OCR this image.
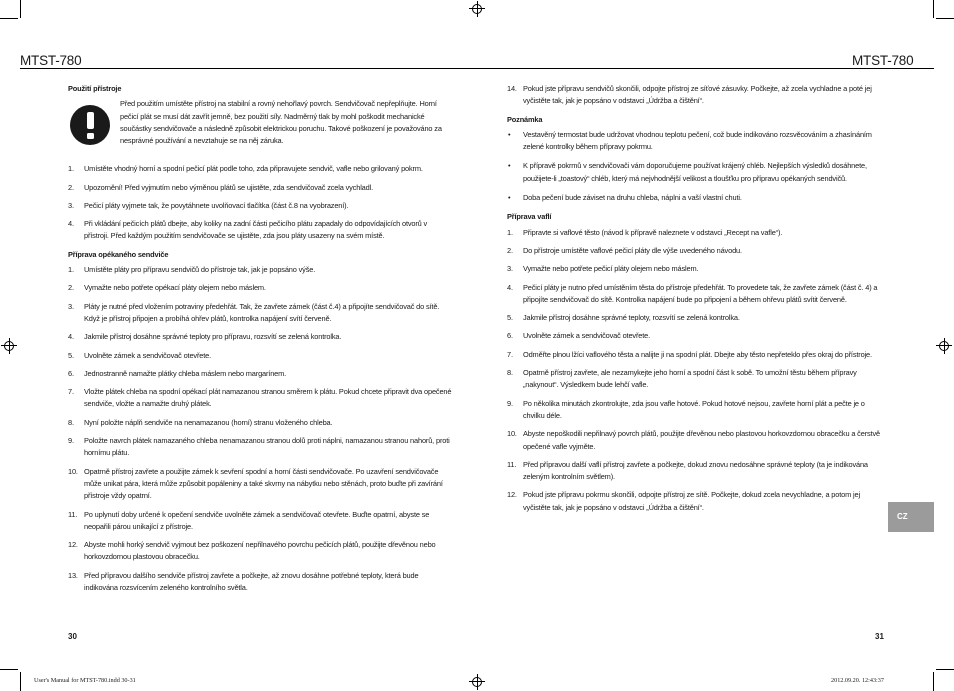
MTST-780
Použití přístroje
Před použitím umístěte přístroj na stabilní a rovný nehořlavý povrch. Sendvičovač nepřeplňujte. Horní pečicí plát se musí dát zavřít jemně, bez použití síly. Nadměrný tlak by mohl poškodit mechanické součástky sendvičovače a následně způsobit elektrickou poruchu. Takové poškození je považováno za nesprávné používání a nevztahuje se na něj záruka.
1. Umístěte vhodný horní a spodní pečicí plát podle toho, zda připravujete sendvič, vafle nebo grilovaný pokrm.
2. Upozornění! Před vyjmutím nebo výměnou plátů se ujistěte, zda sendvičovač zcela vychladl.
3. Pečicí pláty vyjmete tak, že povytáhnete uvolňovací tlačítka (část č.8 na vyobrazení).
4. Při vkládání pečicích plátů dbejte, aby koliky na zadní části pečicího plátu zapadaly do odpovídajících otvorů v přístroji. Před každým použitím sendvičovače se ujistěte, zda jsou pláty usazeny na svém místě.
Příprava opékaného sendviče
1. Umístěte pláty pro přípravu sendvičů do přístroje tak, jak je popsáno výše.
2. Vymažte nebo potřete opékací pláty olejem nebo máslem.
3. Pláty je nutné před vložením potraviny předehřát. Tak, že zavřete zámek (část č.4) a připojíte sendvičovač do sítě. Když je přístroj připojen a probíhá ohřev plátů, kontrolka napájení svítí červeně.
4. Jakmile přístroj dosáhne správné teploty pro přípravu, rozsvítí se zelená kontrolka.
5. Uvolněte zámek a sendvičovač otevřete.
6. Jednostranně namažte plátky chleba máslem nebo margarínem.
7. Vložte plátek chleba na spodní opékací plát namazanou stranou směrem k plátu. Pokud chcete připravit dva opečené sendviče, vložte a namažte druhý plátek.
8. Nyní položte náplň sendviče na nenamazanou (horní) stranu vloženého chleba.
9. Položte navrch plátek namazaného chleba nenamazanou stranou dolů proti náplni, namazanou stranou nahorů, proti hornímu plátu.
10. Opatrně přístroj zavřete a použijte zámek k sevření spodní a horní části sendvičovače. Po uzavření sendvičovače může unikat pára, která může způsobit popáleniny a také skvrny na nábytku nebo stěnách, proto buďte při zavírání přístroje vždy opatrní.
11. Po uplynutí doby určené k opečení sendviče uvolněte zámek a sendvičovač otevřete. Buďte opatrní, abyste se neopařili párou unikající z přístroje.
12. Abyste mohli horký sendvič vyjmout bez poškození nepřilnavého povrchu pečicích plátů, použijte dřevěnou nebo horkovzdornou plastovou obracečku.
13. Před přípravou dalšího sendviče přístroj zavřete a počkejte, až znovu dosáhne potřebné teploty, která bude indikována rozsvícením zeleného kontrolního světla.
30
MTST-780
14. Pokud jste přípravu sendvičů skončili, odpojte přístroj ze síťové zásuvky. Počkejte, až zcela vychladne a poté jej vyčistěte tak, jak je popsáno v odstavci „Údržba a čištění“.
Poznámka
• Vestavěný termostat bude udržovat vhodnou teplotu pečení, což bude indikováno rozsvěcováním a zhasínáním zelené kontrolky během přípravy pokrmu.
• K přípravě pokrmů v sendvičovači vám doporučujeme používat krájený chléb. Nejlepších výsledků dosáhnete, použijete-li „toastový“ chléb, který má nejvhodnější velikost a tloušťku pro přípravu opékaných sendvičů.
• Doba pečení bude záviset na druhu chleba, náplni a vaší vlastní chuti.
Příprava vaflí
1. Připravte si vaflové těsto (návod k přípravě naleznete v odstavci „Recept na vafle“).
2. Do přístroje umístěte vaflové pečicí pláty dle výše uvedeného návodu.
3. Vymažte nebo potřete pečicí pláty olejem nebo máslem.
4. Pečicí pláty je nutno před umístěním těsta do přístroje předehřát. To provedete tak, že zavřete zámek (část č. 4) a připojíte sendvičovač do sítě. Kontrolka napájení bude po připojení a během ohřevu plátů svítit červeně.
5. Jakmile přístroj dosáhne správné teploty, rozsvítí se zelená kontrolka.
6. Uvolněte zámek a sendvičovač otevřete.
7. Odměřte plnou lžíci vaflového těsta a nalijte ji na spodní plát. Dbejte aby těsto nepřeteklo přes okraj do přístroje.
8. Opatrně přístroj zavřete, ale nezamykejte jeho horní a spodní část k sobě. To umožní těstu během přípravy „nakynout“. Výsledkem bude lehčí vafle.
9. Po několika minutách zkontrolujte, zda jsou vafle hotové. Pokud hotové nejsou, zavřete horní plát a pečte je o chvilku déle.
10. Abyste nepoškodili nepřilnavý povrch plátů, použijte dřevěnou nebo plastovou horkovzdornou obracečku a čerstvě opečené vafle vyjměte.
11. Před přípravou další vaflí přístroj zavřete a počkejte, dokud znovu nedosáhne správné teploty (ta je indikována zeleným kontrolním světlem).
12. Pokud jste přípravu pokrmu skončili, odpojte přístroj ze sítě. Počkejte, dokud zcela nevychladne, a potom jej vyčistěte tak, jak je popsáno v odstavci „Údržba a čištění“.
31
CZ
User's Manual for MTST-780.indd 30-31	2012.09.20. 12:43:37
